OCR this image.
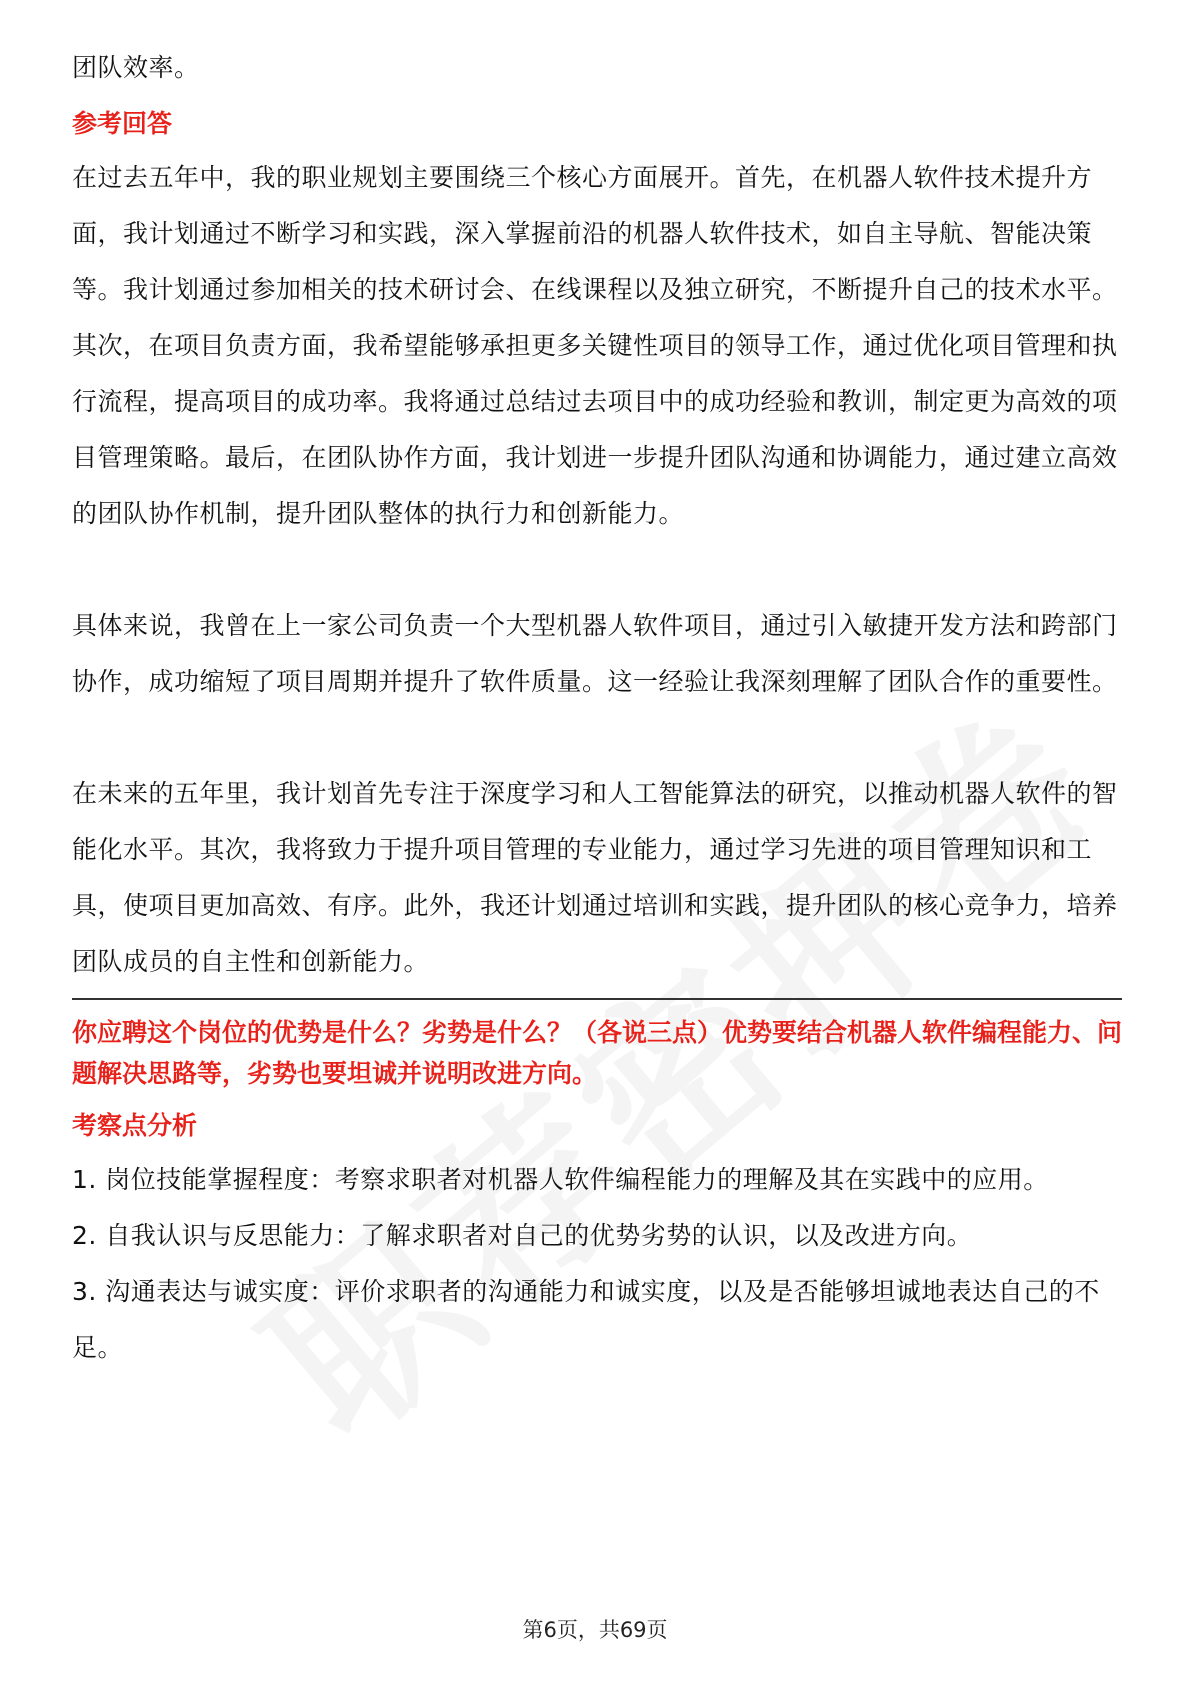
团队效率。

参考回答

在过去五年中，我的职业规划主要围绕三个核心方面展开。首先，在机器人软件技术提升方面，我计划通过不断学习和实践，深入掌握前沿的机器人软件技术，如自主导航、智能决策等。我计划通过参加相关的技术研讨会、在线课程以及独立研究，不断提升自己的技术水平。其次，在项目负责方面，我希望能够承担更多关键性项目的领导工作，通过优化项目管理和执行流程，提高项目的成功率。我将通过总结过去项目中的成功经验和教训，制定更为高效的项目管理策略。最后，在团队协作方面，我计划进一步提升团队沟通和协调能力，通过建立高效的团队协作机制，提升团队整体的执行力和创新能力。

具体来说，我曾在上一家公司负责一个大型机器人软件项目，通过引入敏捷开发方法和跨部门协作，成功缩短了项目周期并提升了软件质量。这一经验让我深刻理解了团队合作的重要性。

在未来的五年里，我计划首先专注于深度学习和人工智能算法的研究，以推动机器人软件的智能化水平。其次，我将致力于提升项目管理的专业能力，通过学习先进的项目管理知识和工具，使项目更加高效、有序。此外，我还计划通过培训和实践，提升团队的核心竞争力，培养团队成员的自主性和创新能力。

你应聘这个岗位的优势是什么？劣势是什么？（各说三点）优势要结合机器人软件编程能力、问题解决思路等，劣势也要坦诚并说明改进方向。

考察点分析

1. 岗位技能掌握程度：考察求职者对机器人软件编程能力的理解及其在实践中的应用。

2. 自我认识与反思能力：了解求职者对自己的优势劣势的认识，以及改进方向。

3. 沟通表达与诚实度：评价求职者的沟通能力和诚实度，以及是否能够坦诚地表达自己的不足。

第6页，共69页
